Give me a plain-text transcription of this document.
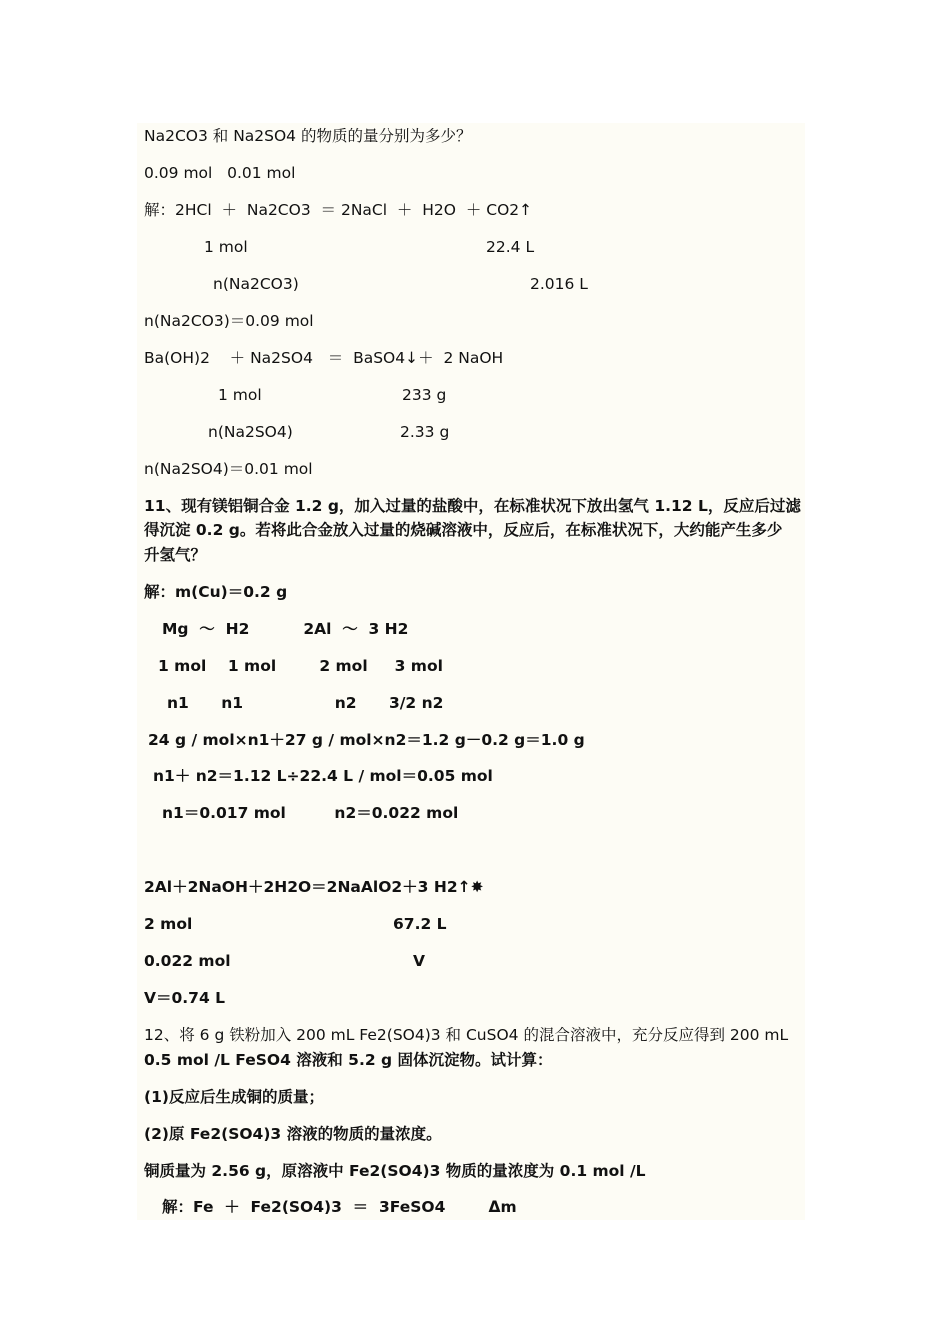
Na2CO3 和 Na2SO4 的物质的量分别为多少？
0.09 mol   0.01 mol
解：2HCl  ＋  Na2CO3  ＝ 2NaCl  ＋  H2O  ＋ CO2↑
1 mol	22.4 L
n(Na2CO3)	2.016 L
n(Na2CO3)＝0.09 mol
Ba(OH)2    ＋ Na2SO4   ＝  BaSO4↓＋  2 NaOH
1 mol	233 g
n(Na2SO4)	2.33 g
n(Na2SO4)＝0.01 mol
11、现有镁铝铜合金 1.2 g，加入过量的盐酸中，在标准状况下放出氢气 1.12 L，反应后过滤
得沉淀 0.2 g。若将此合金放入过量的烧碱溶液中，反应后，在标准状况下，大约能产生多少
升氢气？
解：m(Cu)＝0.2 g
Mg  ～  H2          2Al  ～  3 H2
1 mol    1 mol        2 mol     3 mol
n1      n1                 n2      3/2 n2
24 g / mol×n1＋27 g / mol×n2＝1.2 g－0.2 g＝1.0 g
n1＋ n2＝1.12 L÷22.4 L / mol＝0.05 mol
n1＝0.017 mol         n2＝0.022 mol
2Al＋2NaOH＋2H2O＝2NaAlO2＋3 H2↑✸
2 mol	67.2 L
0.022 mol	V
V＝0.74 L
12、将 6 g 铁粉加入 200 mL Fe2(SO4)3 和 CuSO4 的混合溶液中，充分反应得到 200 mL
0.5 mol /L FeSO4 溶液和 5.2 g 固体沉淀物。试计算：
(1)反应后生成铜的质量；
(2)原 Fe2(SO4)3 溶液的物质的量浓度。
铜质量为 2.56 g，原溶液中 Fe2(SO4)3 物质的量浓度为 0.1 mol /L
解：Fe  ＋  Fe2(SO4)3  ＝  3FeSO4        Δm
